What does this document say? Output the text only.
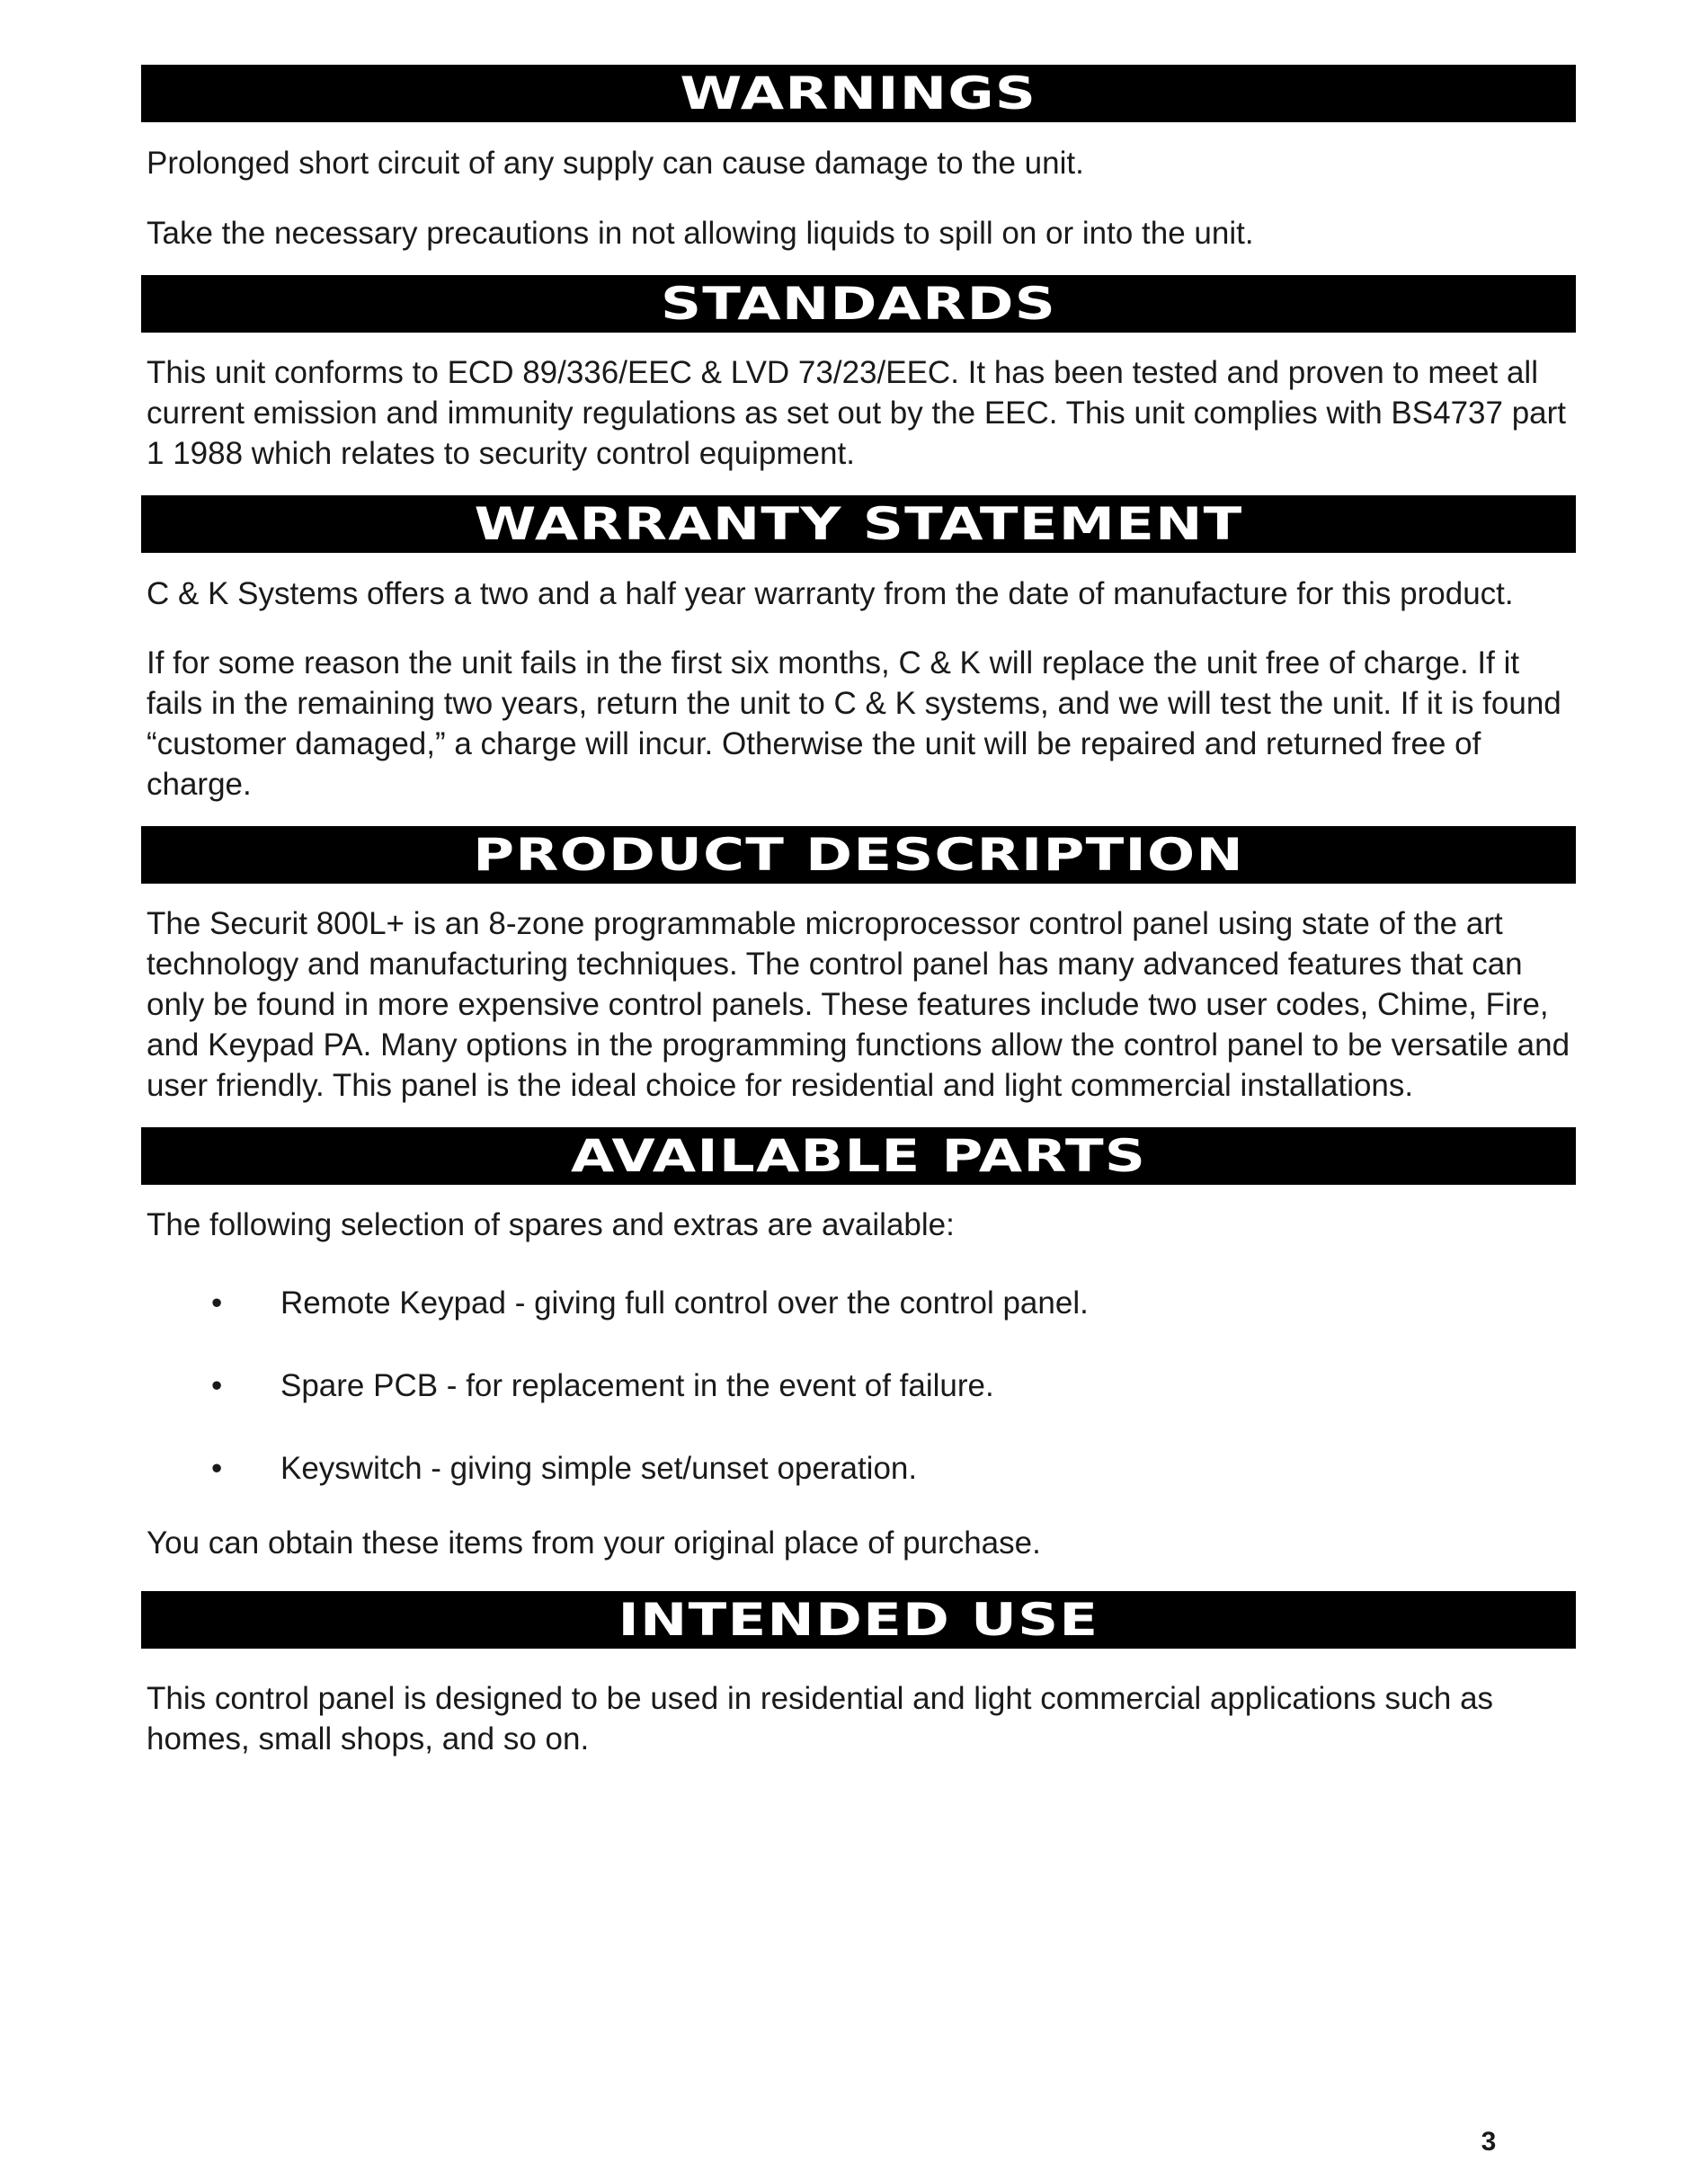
WARNINGS

Prolonged short circuit of any supply can cause damage to the unit.

Take the necessary precautions in not allowing liquids to spill on or into the unit.

STANDARDS

This unit conforms to ECD 89/336/EEC & LVD 73/23/EEC. It has been tested and proven to meet all current emission and immunity regulations as set out by the EEC. This unit complies with BS4737 part 1 1988 which relates to security control equipment.

WARRANTY STATEMENT

C & K Systems offers a two and a half year warranty from the date of manufacture for this product.

If for some reason the unit fails in the first six months, C & K will replace the unit free of charge. If it fails in the remaining two years, return the unit to C & K systems, and we will test the unit. If it is found “customer damaged,” a charge will incur. Otherwise the unit will be repaired and returned free of charge.

PRODUCT DESCRIPTION

The Securit 800L+ is an 8-zone programmable microprocessor control panel using state of the art technology and manufacturing techniques. The control panel has many advanced features that can only be found in more expensive control panels. These features include two user codes, Chime, Fire, and Keypad PA. Many options in the programming functions allow the control panel to be versatile and user friendly. This panel is the ideal choice for residential and light commercial installations.

AVAILABLE PARTS

The following selection of spares and extras are available:

• Remote Keypad - giving full control over the control panel.
• Spare PCB - for replacement in the event of failure.
• Keyswitch - giving simple set/unset operation.

You can obtain these items from your original place of purchase.

INTENDED USE

This control panel is designed to be used in residential and light commercial applications such as homes, small shops, and so on.

3
